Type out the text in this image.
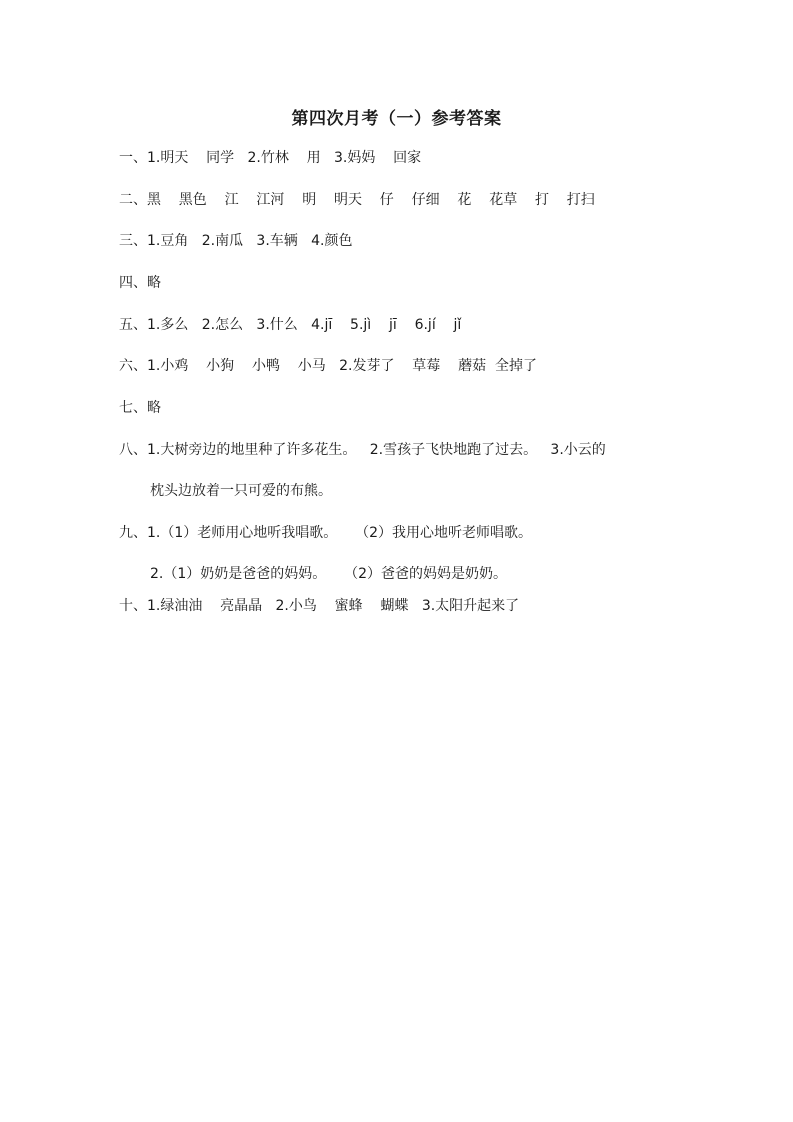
第四次月考（一）参考答案
一、1.明天    同学   2.竹林    用   3.妈妈    回家
二、黑    黑色    江    江河    明    明天    仔    仔细    花    花草    打    打扫
三、1.豆角   2.南瓜   3.车辆   4.颜色
四、略
五、1.多么   2.怎么   3.什么   4.jī    5.jì    jī    6.jí    jǐ
六、1.小鸡    小狗    小鸭    小马   2.发芽了    草莓    蘑菇  全掉了
七、略
八、1.大树旁边的地里种了许多花生。   2.雪孩子飞快地跑了过去。   3.小云的
枕头边放着一只可爱的布熊。
九、1.（1）老师用心地听我唱歌。    （2）我用心地听老师唱歌。
2.（1）奶奶是爸爸的妈妈。    （2）爸爸的妈妈是奶奶。
十、1.绿油油    亮晶晶   2.小鸟    蜜蜂    蝴蝶   3.太阳升起来了
